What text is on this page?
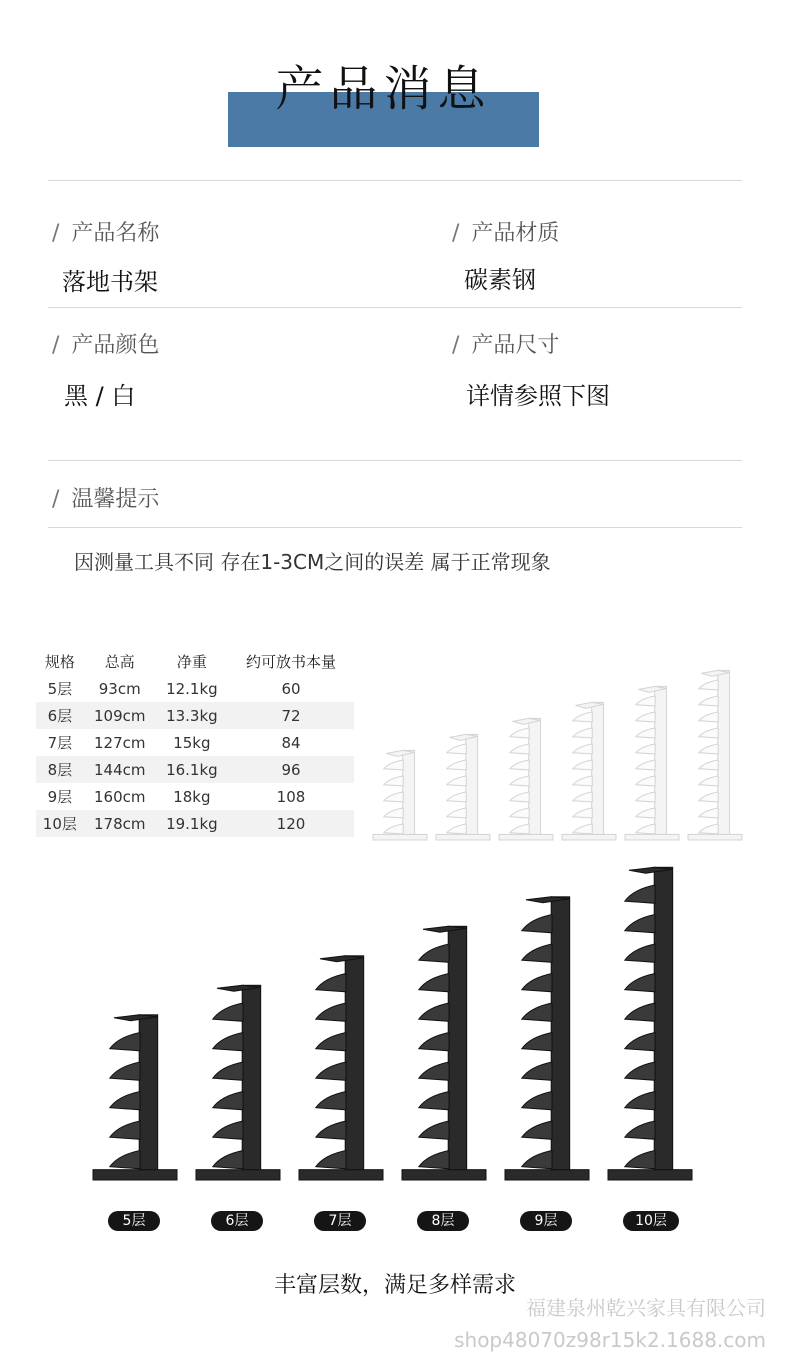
产品消息
/ 产品名称
落地书架
/ 产品材质
碳素钢
/ 产品颜色
黑 / 白
/ 产品尺寸
详情参照下图
/ 温馨提示
因测量工具不同 存在1-3CM之间的误差 属于正常现象
规格	总高	净重	约可放书本量
5层	93cm	12.1kg	60
6层	109cm	13.3kg	72
7层	127cm	15kg	84
8层	144cm	16.1kg	96
9层	160cm	18kg	108
10层	178cm	19.1kg	120
5层	6层	7层	8层	9层	10层
丰富层数，满足多样需求
福建泉州乾兴家具有限公司
shop48070z98r15k2.1688.com
